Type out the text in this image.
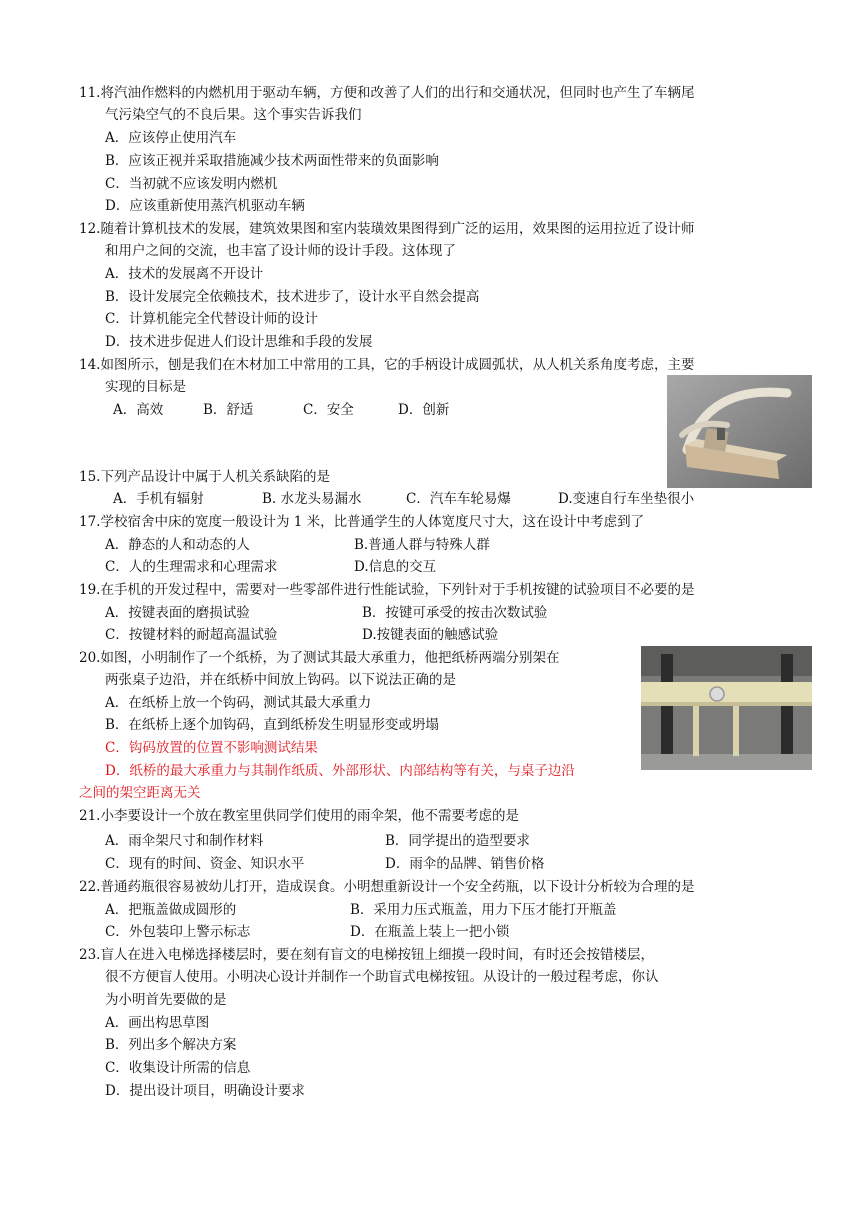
11.将汽油作燃料的内燃机用于驱动车辆，方便和改善了人们的出行和交通状况，但同时也产生了车辆尾
气污染空气的不良后果。这个事实告诉我们
A．应该停止使用汽车
B．应该正视并采取措施减少技术两面性带来的负面影响
C．当初就不应该发明内燃机
D．应该重新使用蒸汽机驱动车辆
12.随着计算机技术的发展，建筑效果图和室内装璜效果图得到广泛的运用，效果图的运用拉近了设计师
和用户之间的交流，也丰富了设计师的设计手段。这体现了
A．技术的发展离不开设计
B．设计发展完全依赖技术，技术进步了，设计水平自然会提高
C．计算机能完全代替设计师的设计
D．技术进步促进人们设计思维和手段的发展
14.如图所示，刨是我们在木材加工中常用的工具，它的手柄设计成圆弧状，从人机关系角度考虑，主要
实现的目标是
A．高效	B．舒适	C．安全	D．创新
15.下列产品设计中属于人机关系缺陷的是
A．手机有辐射	B. 水龙头易漏水	C．汽车车轮易爆	D.变速自行车坐垫很小
17.学校宿舍中床的宽度一般设计为 1 米，比普通学生的人体宽度尺寸大，这在设计中考虑到了
A．静态的人和动态的人	B.普通人群与特殊人群
C．人的生理需求和心理需求	D.信息的交互
19.在手机的开发过程中，需要对一些零部件进行性能试验，下列针对于手机按键的试验项目不必要的是
A．按键表面的磨损试验	B．按键可承受的按击次数试验
C．按键材料的耐超高温试验	D.按键表面的触感试验
20.如图，小明制作了一个纸桥，为了测试其最大承重力，他把纸桥两端分别架在
两张桌子边沿，并在纸桥中间放上钩码。以下说法正确的是
A．在纸桥上放一个钩码，测试其最大承重力
B．在纸桥上逐个加钩码，直到纸桥发生明显形变或坍塌
C．钩码放置的位置不影响测试结果
D．纸桥的最大承重力与其制作纸质、外部形状、内部结构等有关，与桌子边沿
之间的架空距离无关
21.小李要设计一个放在教室里供同学们使用的雨伞架，他不需要考虑的是
A．雨伞架尺寸和制作材料	B．同学提出的造型要求
C．现有的时间、资金、知识水平	D．雨伞的品牌、销售价格
22.普通药瓶很容易被幼儿打开，造成误食。小明想重新设计一个安全药瓶，以下设计分析较为合理的是
A．把瓶盖做成圆形的	B．采用力压式瓶盖，用力下压才能打开瓶盖
C．外包装印上警示标志	D．在瓶盖上装上一把小锁
23.盲人在进入电梯选择楼层时，要在刻有盲文的电梯按钮上细摸一段时间，有时还会按错楼层，
很不方便盲人使用。小明决心设计并制作一个助盲式电梯按钮。从设计的一般过程考虑，你认
为小明首先要做的是
A．画出构思草图
B．列出多个解决方案
C．收集设计所需的信息
D．提出设计项目，明确设计要求
